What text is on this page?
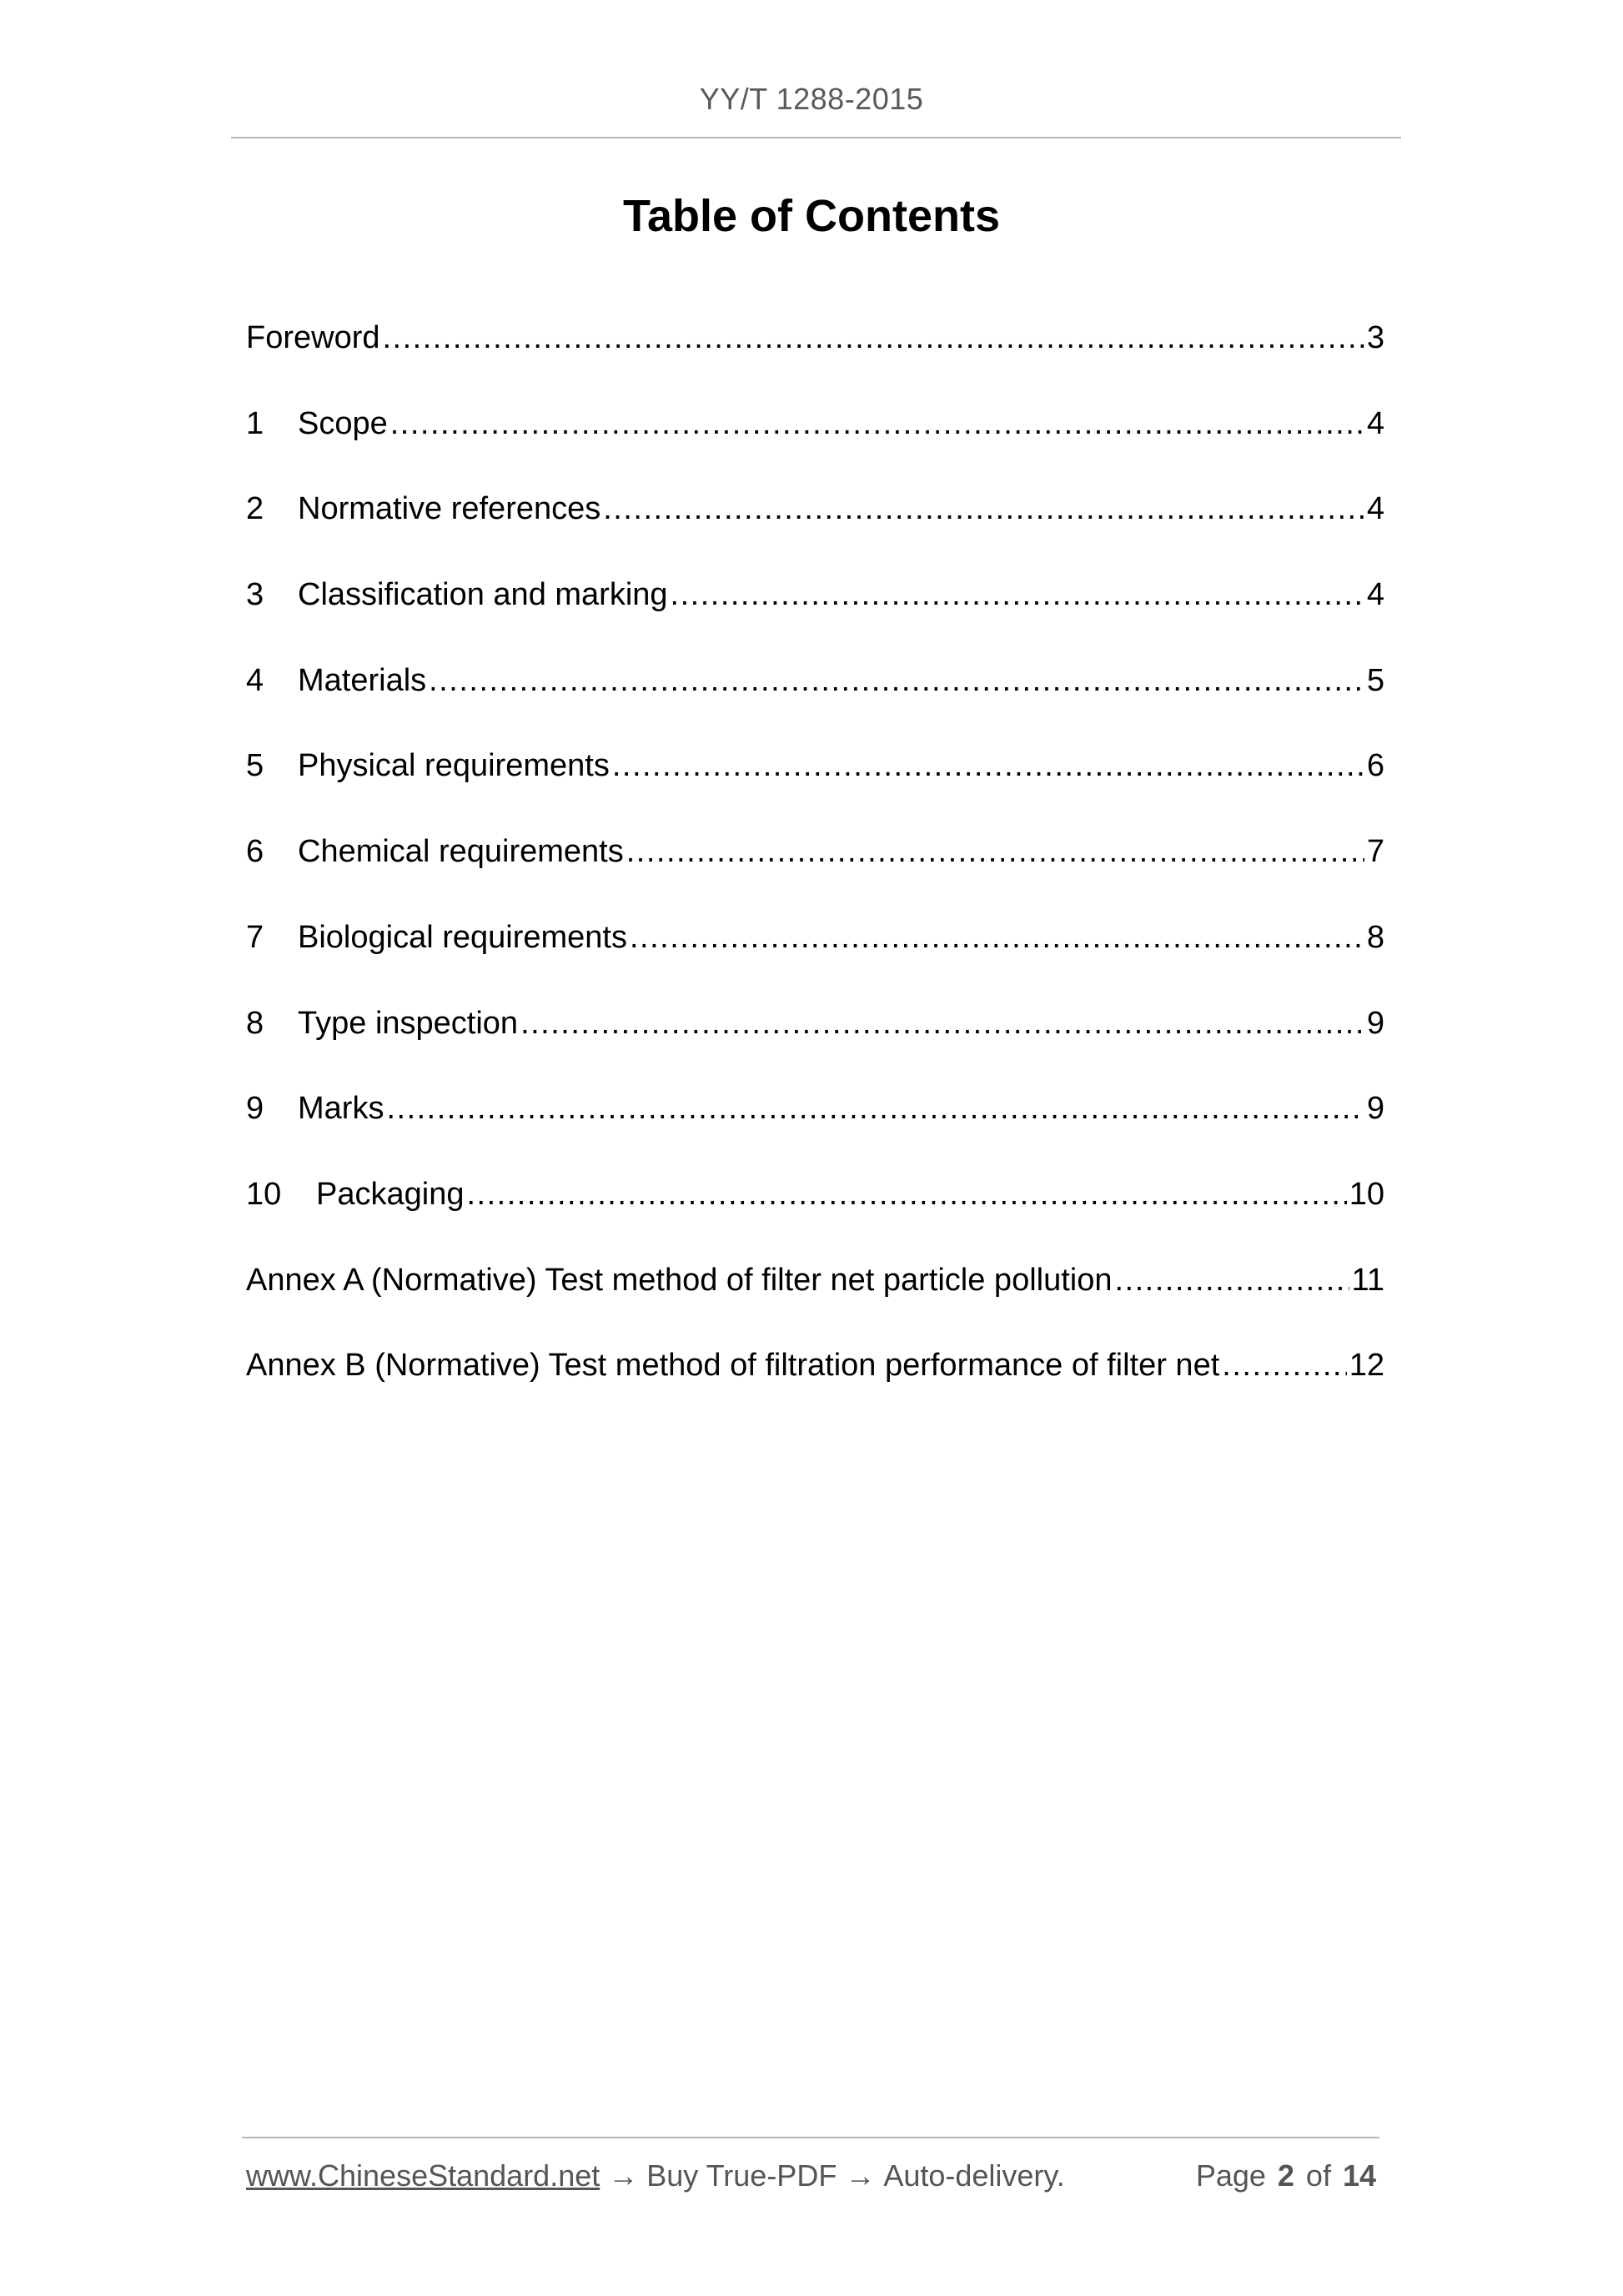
YY/T 1288-2015
Table of Contents
Foreword .....	3
1	Scope .....	4
2	Normative references .....	4
3	Classification and marking .....	4
4	Materials .....	5
5	Physical requirements .....	6
6	Chemical requirements .....	7
7	Biological requirements .....	8
8	Type inspection .....	9
9	Marks .....	9
10	Packaging .....	10
Annex A (Normative) Test method of filter net particle pollution .....	11
Annex B (Normative) Test method of filtration performance of filter net .....	12
www.ChineseStandard.net → Buy True-PDF → Auto-delivery.	Page 2 of 14
